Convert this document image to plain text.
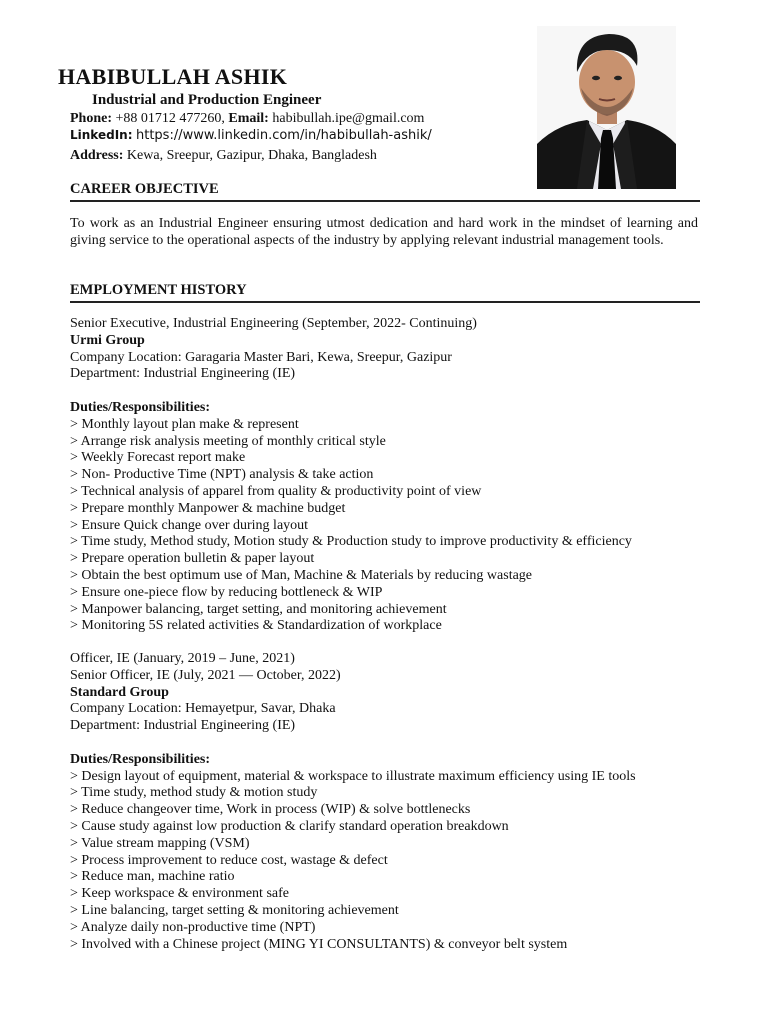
HABIBULLAH ASHIK
Industrial and Production Engineer
Phone: +88 01712 477260, Email: habibullah.ipe@gmail.com
LinkedIn: https://www.linkedin.com/in/habibullah-ashik/
Address: Kewa, Sreepur, Gazipur, Dhaka, Bangladesh
CAREER OBJECTIVE
To work as an Industrial Engineer ensuring utmost dedication and hard work in the mindset of learning and giving service to the operational aspects of the industry by applying relevant industrial management tools.
EMPLOYMENT HISTORY
Senior Executive, Industrial Engineering (September, 2022- Continuing)
Urmi Group
Company Location: Garagaria Master Bari, Kewa, Sreepur, Gazipur
Department: Industrial Engineering (IE)
Duties/Responsibilities:
> Monthly layout plan make & represent
> Arrange risk analysis meeting of monthly critical style
> Weekly Forecast report make
> Non- Productive Time (NPT) analysis & take action
> Technical analysis of apparel from quality & productivity point of view
> Prepare monthly Manpower & machine budget
> Ensure Quick change over during layout
> Time study, Method study, Motion study & Production study to improve productivity & efficiency
> Prepare operation bulletin & paper layout
> Obtain the best optimum use of Man, Machine & Materials by reducing wastage
> Ensure one-piece flow by reducing bottleneck & WIP
> Manpower balancing, target setting, and monitoring achievement
> Monitoring 5S related activities & Standardization of workplace
Officer, IE (January, 2019 – June, 2021)
Senior Officer, IE (July, 2021 — October, 2022)
Standard Group
Company Location: Hemayetpur, Savar, Dhaka
Department: Industrial Engineering (IE)
Duties/Responsibilities:
> Design layout of equipment, material & workspace to illustrate maximum efficiency using IE tools
> Time study, method study & motion study
> Reduce changeover time, Work in process (WIP) & solve bottlenecks
> Cause study against low production & clarify standard operation breakdown
> Value stream mapping (VSM)
> Process improvement to reduce cost, wastage & defect
> Reduce man, machine ratio
> Keep workspace & environment safe
> Line balancing, target setting & monitoring achievement
> Analyze daily non-productive time (NPT)
> Involved with a Chinese project (MING YI CONSULTANTS) & conveyor belt system
